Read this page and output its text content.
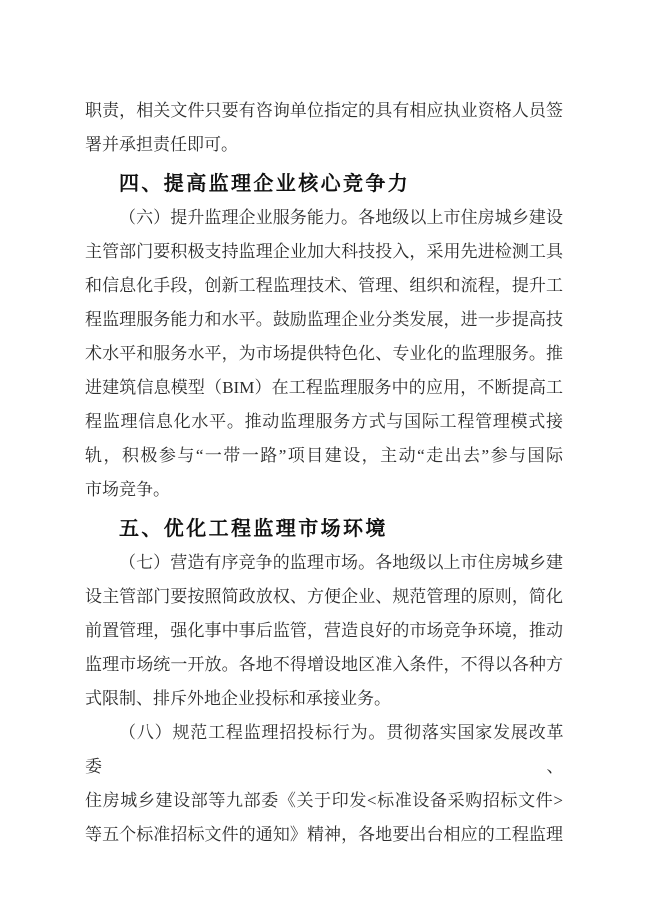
职责，相关文件只要有咨询单位指定的具有相应执业资格人员签
署并承担责任即可。
四、提高监理企业核心竞争力
（六）提升监理企业服务能力。各地级以上市住房城乡建设
主管部门要积极支持监理企业加大科技投入，采用先进检测工具
和信息化手段，创新工程监理技术、管理、组织和流程，提升工
程监理服务能力和水平。鼓励监理企业分类发展，进一步提高技
术水平和服务水平，为市场提供特色化、专业化的监理服务。推
进建筑信息模型（BIM）在工程监理服务中的应用，不断提高工
程监理信息化水平。推动监理服务方式与国际工程管理模式接
轨，积极参与“一带一路”项目建设，主动“走出去”参与国际
市场竞争。
五、优化工程监理市场环境
（七）营造有序竞争的监理市场。各地级以上市住房城乡建
设主管部门要按照简政放权、方便企业、规范管理的原则，简化
前置管理，强化事中事后监管，营造良好的市场竞争环境，推动
监理市场统一开放。各地不得增设地区准入条件，不得以各种方
式限制、排斥外地企业投标和承接业务。
（八）规范工程监理招投标行为。贯彻落实国家发展改革委、
住房城乡建设部等九部委《关于印发<标准设备采购招标文件>
等五个标准招标文件的通知》精神，各地要出台相应的工程监理
